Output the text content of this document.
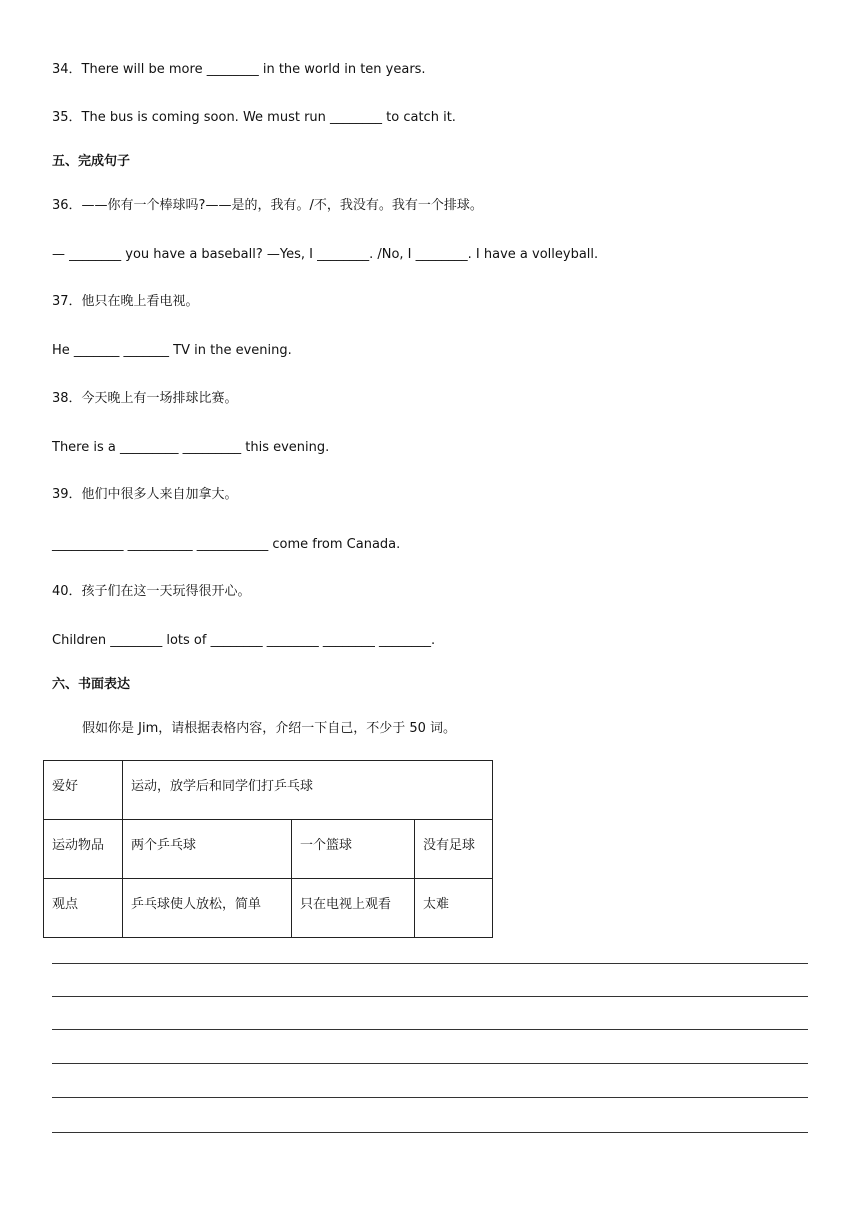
34．There will be more ________ in the world in ten years.
35．The bus is coming soon. We must run ________ to catch it.
五、完成句子
36．——你有一个棒球吗?——是的，我有。/不，我没有。我有一个排球。
— ________ you have a baseball? —Yes, I ________. /No, I ________. I have a volleyball.
37．他只在晚上看电视。
He _______ _______ TV in the evening.
38．今天晚上有一场排球比赛。
There is a _________ _________ this evening.
39．他们中很多人来自加拿大。
___________ __________ ___________ come from Canada.
40．孩子们在这一天玩得很开心。
Children ________ lots of ________ ________ ________ ________.
六、书面表达
假如你是 Jim，请根据表格内容，介绍一下自己，不少于 50 词。
爱好	运动，放学后和同学们打乒乓球		
运动物品	两个乒乓球	一个篮球	没有足球
观点	乒乓球使人放松，简单	只在电视上观看	太难
